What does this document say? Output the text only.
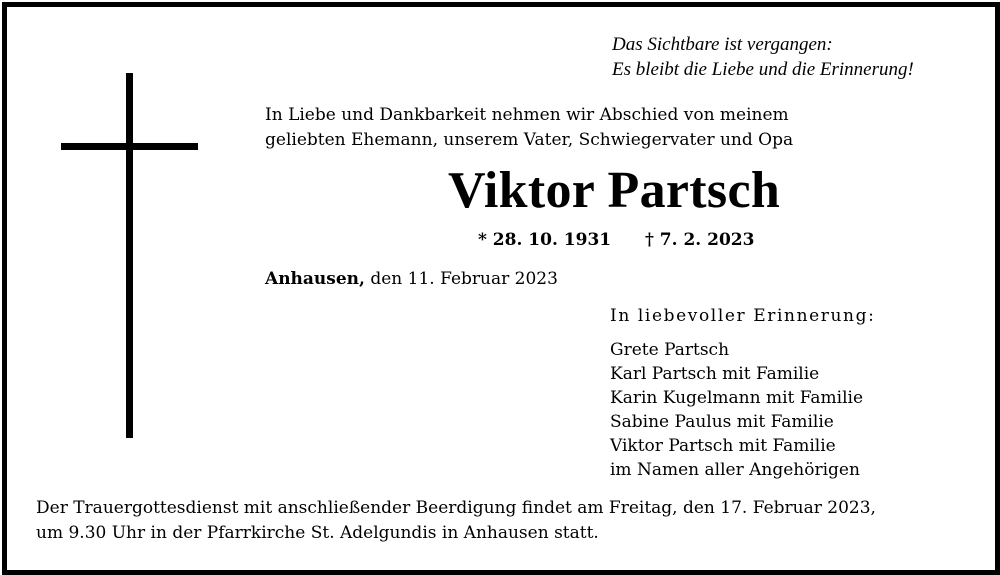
Das Sichtbare ist vergangen:
Es bleibt die Liebe und die Erinnerung!
In Liebe und Dankbarkeit nehmen wir Abschied von meinem
geliebten Ehemann, unserem Vater, Schwiegervater und Opa
Viktor Partsch
* 28. 10. 1931 † 7. 2. 2023
Anhausen, den 11. Februar 2023
In liebevoller Erinnerung:
Grete Partsch
Karl Partsch mit Familie
Karin Kugelmann mit Familie
Sabine Paulus mit Familie
Viktor Partsch mit Familie
im Namen aller Angehörigen
Der Trauergottesdienst mit anschließender Beerdigung findet am Freitag, den 17. Februar 2023,
um 9.30 Uhr in der Pfarrkirche St. Adelgundis in Anhausen statt.
